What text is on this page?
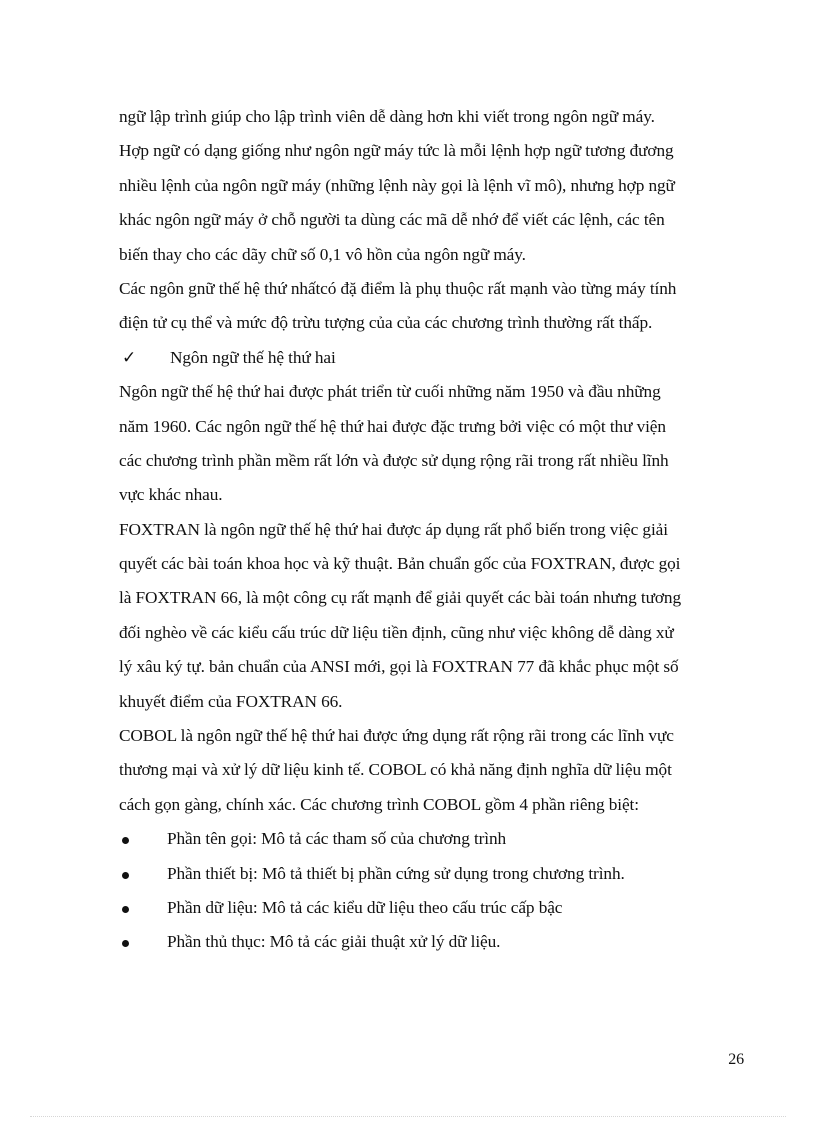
ngữ lập trình giúp cho lập trình viên dễ dàng hơn khi viết trong ngôn ngữ máy.
Hợp ngữ có dạng giống như ngôn ngữ máy tức là mỗi lệnh hợp ngữ tương đương
nhiều lệnh của ngôn ngữ máy (những lệnh này gọi là lệnh vĩ mô), nhưng hợp ngữ
khác ngôn ngữ máy ở chỗ người ta dùng các mã dễ nhớ để viết các lệnh, các tên
biến thay cho các dãy chữ số 0,1 vô hồn của ngôn ngữ máy.
Các ngôn gnữ thế hệ thứ nhấtcó đặ điểm là phụ thuộc rất mạnh vào từng máy tính
điện tử cụ thể và mức độ trừu tượng của của các chương trình thường rất thấp.
✓	Ngôn ngữ thế hệ thứ hai
Ngôn ngữ thế hệ thứ hai được phát triển từ cuối những năm 1950 và đầu những
năm 1960. Các ngôn ngữ thế hệ thứ hai được đặc trưng bởi việc có một thư viện
các chương trình phần mềm rất lớn và được sử dụng rộng rãi trong rất nhiều lĩnh
vực khác nhau.
FOXTRAN là ngôn ngữ thế hệ thứ hai được áp dụng rất phổ biến trong việc giải
quyết các bài toán khoa học và kỹ thuật. Bản chuẩn gốc của FOXTRAN, được gọi
là FOXTRAN 66, là một công cụ rất mạnh để giải quyết các bài toán nhưng tương
đối nghèo về các kiểu cấu trúc dữ liệu tiền định, cũng như việc không dễ dàng xử
lý xâu ký tự. bản chuẩn của ANSI mới, gọi là FOXTRAN 77 đã khắc phục một số
khuyết điểm của FOXTRAN 66.
COBOL là ngôn ngữ thế hệ thứ hai được ứng dụng rất rộng rãi trong các lĩnh vực
thương mại và xử lý dữ liệu kinh tế. COBOL có khả năng định nghĩa dữ liệu một
cách gọn gàng, chính xác. Các chương trình COBOL gồm 4 phần riêng biệt:
Phần tên gọi: Mô tả các tham số của chương trình
Phần thiết bị: Mô tả thiết bị phần cứng sử dụng trong chương trình.
Phần dữ liệu: Mô tả các kiểu dữ liệu theo cấu trúc cấp bậc
Phần thủ thục: Mô tả các giải thuật xử lý dữ liệu.
26
